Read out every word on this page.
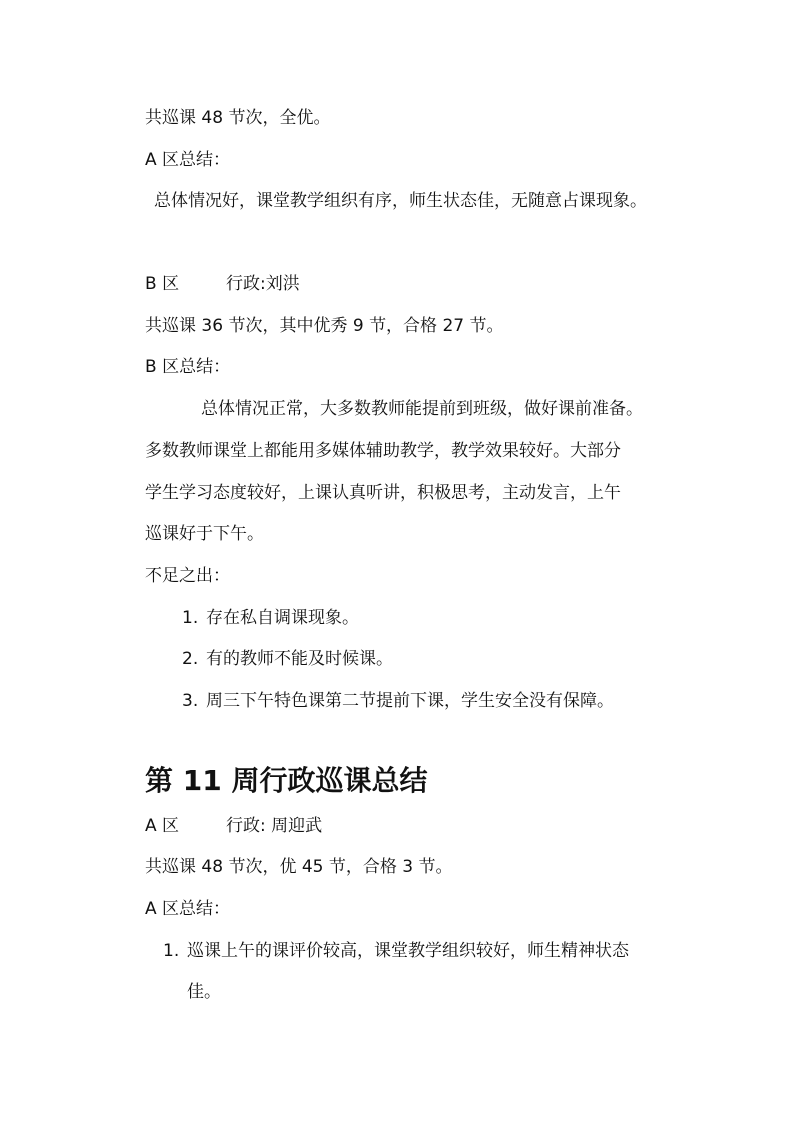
共巡课 48 节次，全优。
A 区总结：
总体情况好，课堂教学组织有序，师生状态佳，无随意占课现象。
B 区	行政:刘洪
共巡课 36 节次，其中优秀 9 节，合格 27 节。
B 区总结：
总体情况正常，大多数教师能提前到班级，做好课前准备。
多数教师课堂上都能用多媒体辅助教学，教学效果较好。大部分
学生学习态度较好，上课认真听讲，积极思考，主动发言，上午
巡课好于下午。
不足之出：
1. 存在私自调课现象。
2. 有的教师不能及时候课。
3. 周三下午特色课第二节提前下课，学生安全没有保障。
第 11 周行政巡课总结
A 区	行政: 周迎武
共巡课 48 节次，优 45 节，合格 3 节。
A 区总结：
1. 巡课上午的课评价较高，课堂教学组织较好，师生精神状态
佳。
